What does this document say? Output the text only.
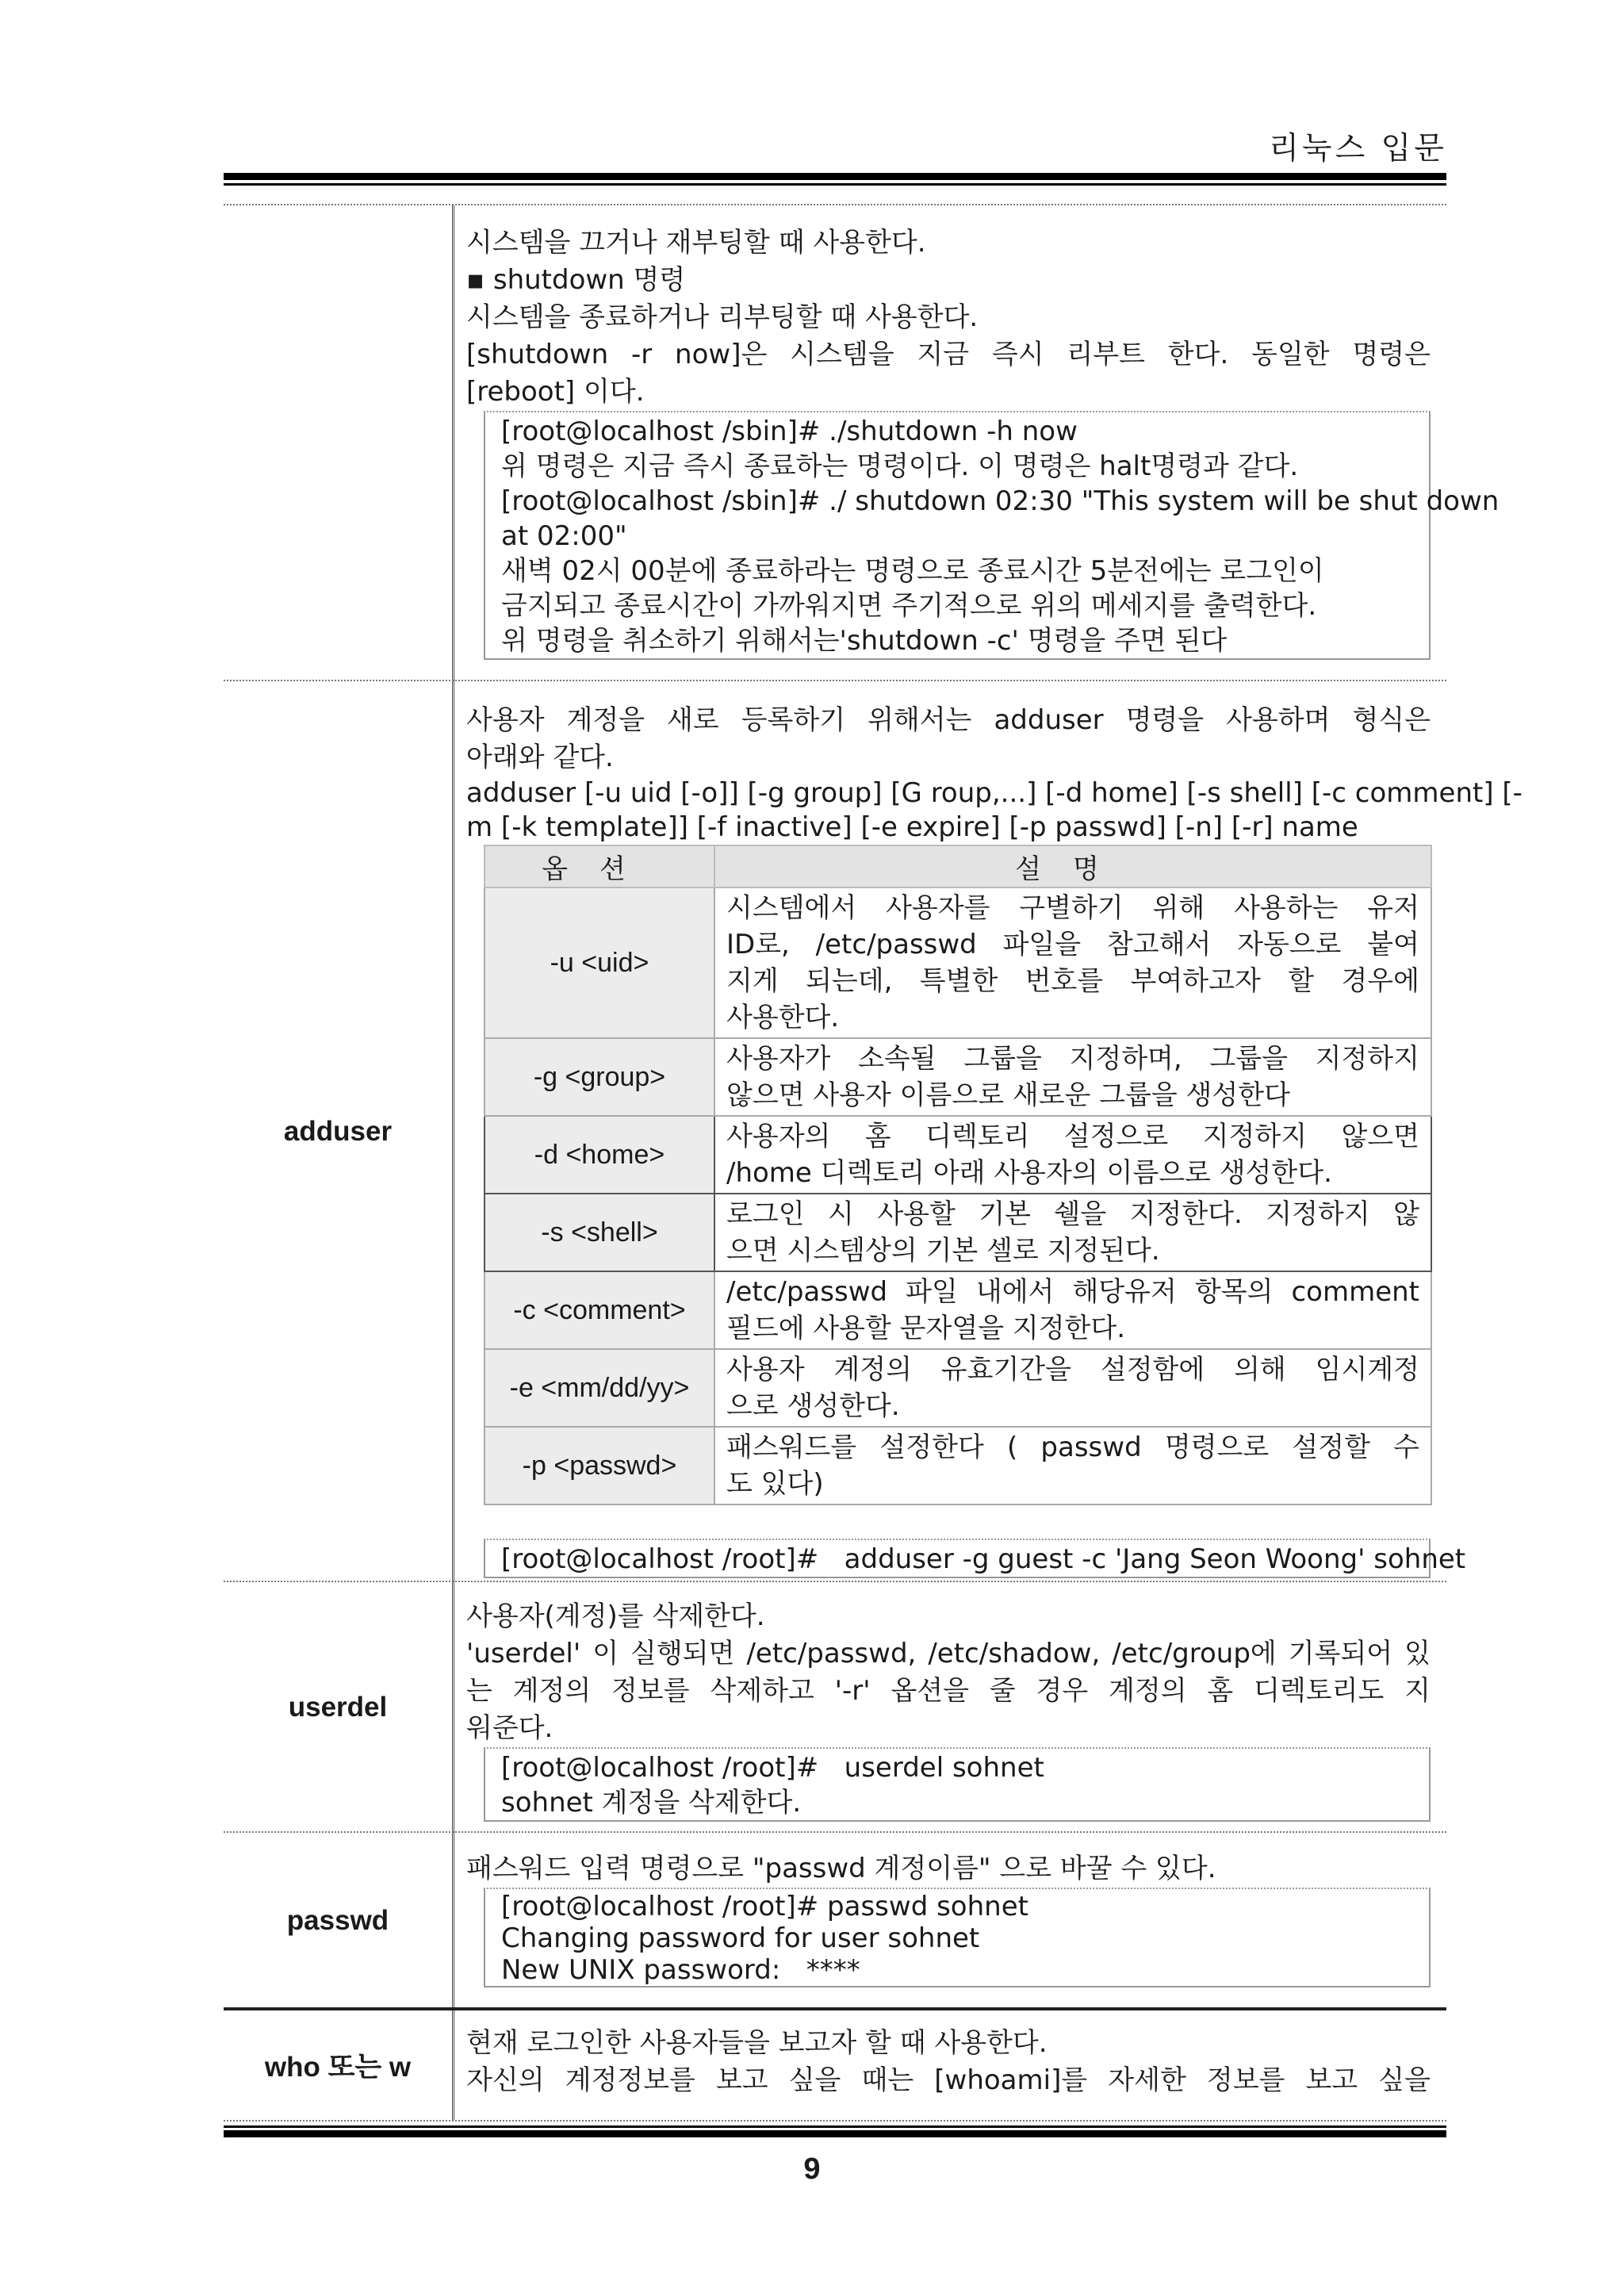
리눅스 입문
시스템을 끄거나 재부팅할 때 사용한다.
▪ shutdown 명령
시스템을 종료하거나 리부팅할 때 사용한다.
[shutdown -r now]은 시스템을 지금 즉시 리부트 한다. 동일한 명령은
[reboot] 이다.
[root@localhost /sbin]# ./shutdown -h now
위 명령은 지금 즉시 종료하는 명령이다. 이 명령은 halt명령과 같다.
[root@localhost /sbin]# ./ shutdown 02:30 "This system will be shut down
at 02:00"
새벽 02시 00분에 종료하라는 명령으로 종료시간 5분전에는 로그인이
금지되고 종료시간이 가까워지면 주기적으로 위의 메세지를 출력한다.
위 명령을 취소하기 위해서는'shutdown -c' 명령을 주면 된다
adduser
사용자 계정을 새로 등록하기 위해서는 adduser 명령을 사용하며 형식은
아래와 같다.
adduser [-u uid [-o]] [-g group] [G roup,...] [-d home] [-s shell] [-c comment] [-
m [-k template]] [-f inactive] [-e expire] [-p passwd] [-n] [-r] name
옵션	설명
-u <uid>	시스템에서 사용자를 구별하기 위해 사용하는 유저
ID로, /etc/passwd 파일을 참고해서 자동으로 붙여
지게 되는데, 특별한 번호를 부여하고자 할 경우에
사용한다.

-g <group>	사용자가 소속될 그룹을 지정하며, 그룹을 지정하지
않으면 사용자 이름으로 새로운 그룹을 생성한다

-d <home>	사용자의 홈 디렉토리 설정으로 지정하지 않으면
/home 디렉토리 아래 사용자의 이름으로 생성한다.

-s <shell>	로그인 시 사용할 기본 쉘을 지정한다. 지정하지 않
으면 시스템상의 기본 셀로 지정된다.

-c <comment>	/etc/passwd 파일 내에서 해당유저 항목의 comment
필드에 사용할 문자열을 지정한다.

-e <mm/dd/yy>	사용자 계정의 유효기간을 설정함에 의해 임시계정
으로 생성한다.

-p <passwd>	패스워드를 설정한다 ( passwd 명령으로 설정할 수
도 있다)
[root@localhost /root]#   adduser -g guest -c 'Jang Seon Woong' sohnet
userdel
사용자(계정)를 삭제한다.
'userdel' 이 실행되면 /etc/passwd, /etc/shadow, /etc/group에 기록되어 있
는 계정의 정보를 삭제하고 '-r' 옵션을 줄 경우 계정의 홈 디렉토리도 지
워준다.
[root@localhost /root]#   userdel sohnet
sohnet 계정을 삭제한다.
passwd
패스워드 입력 명령으로 "passwd 계정이름" 으로 바꿀 수 있다.
[root@localhost /root]# passwd sohnet
Changing password for user sohnet
New UNIX password:   ****
who 또는 w
현재 로그인한 사용자들을 보고자 할 때 사용한다.
자신의 계정정보를 보고 싶을 때는 [whoami]를 자세한 정보를 보고 싶을
9
